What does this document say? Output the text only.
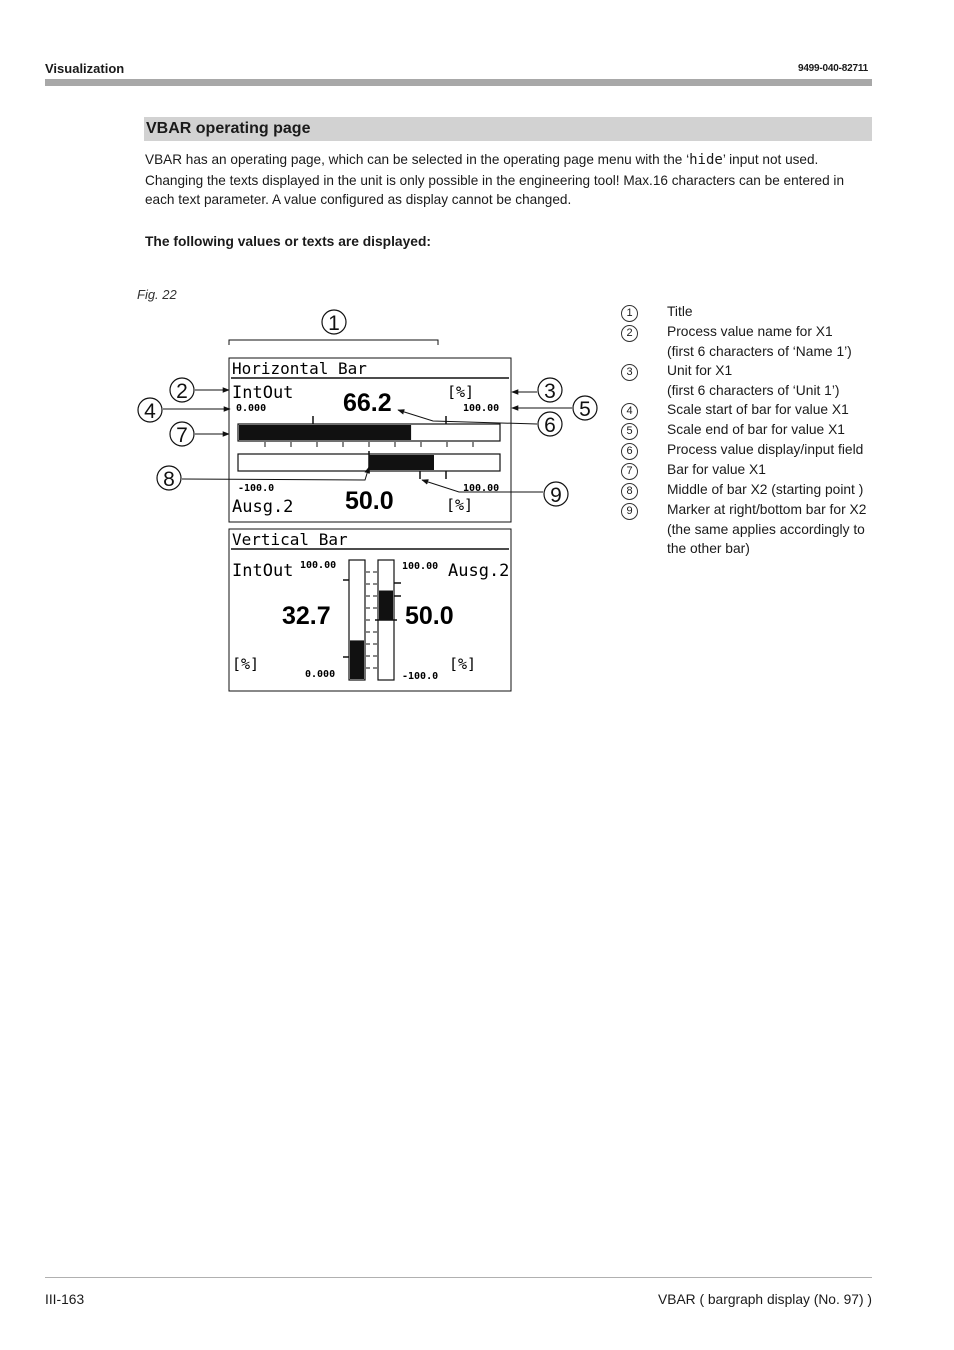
Visualization	9499-040-82711
VBAR operating page
VBAR has an operating page, which can be selected in the operating page menu with the ‘hide’ input not used. Changing the texts displayed in the unit is only possible in the engineering tool! Max.16 characters can be entered in each text parameter. A value configured as display cannot be changed.
The following values or texts are displayed:
Fig. 22
Horizontal Bar
IntOut	[%]
0.000	100.00
66.2
-100.0	100.00
50.0
Ausg.2	[%]
Vertical Bar
IntOut 100.00	100.00 Ausg.2
32.7	50.0
[%]	[%]
0.000	-100.0
1
2	3
4	5
6
7
8
9
1	Title
2	Process value name for X1
(first 6 characters of ‘Name 1’)
3	Unit for X1
(first 6 characters of ‘Unit 1’)
4	Scale start of bar for value X1
5	Scale end of bar for value X1
6	Process value display/input field
7	Bar for value X1
8	Middle of bar X2 (starting point )
9	Marker at right/bottom bar for X2
(the same applies accordingly to
the other bar)
III-163	VBAR ( bargraph display (No. 97) )
